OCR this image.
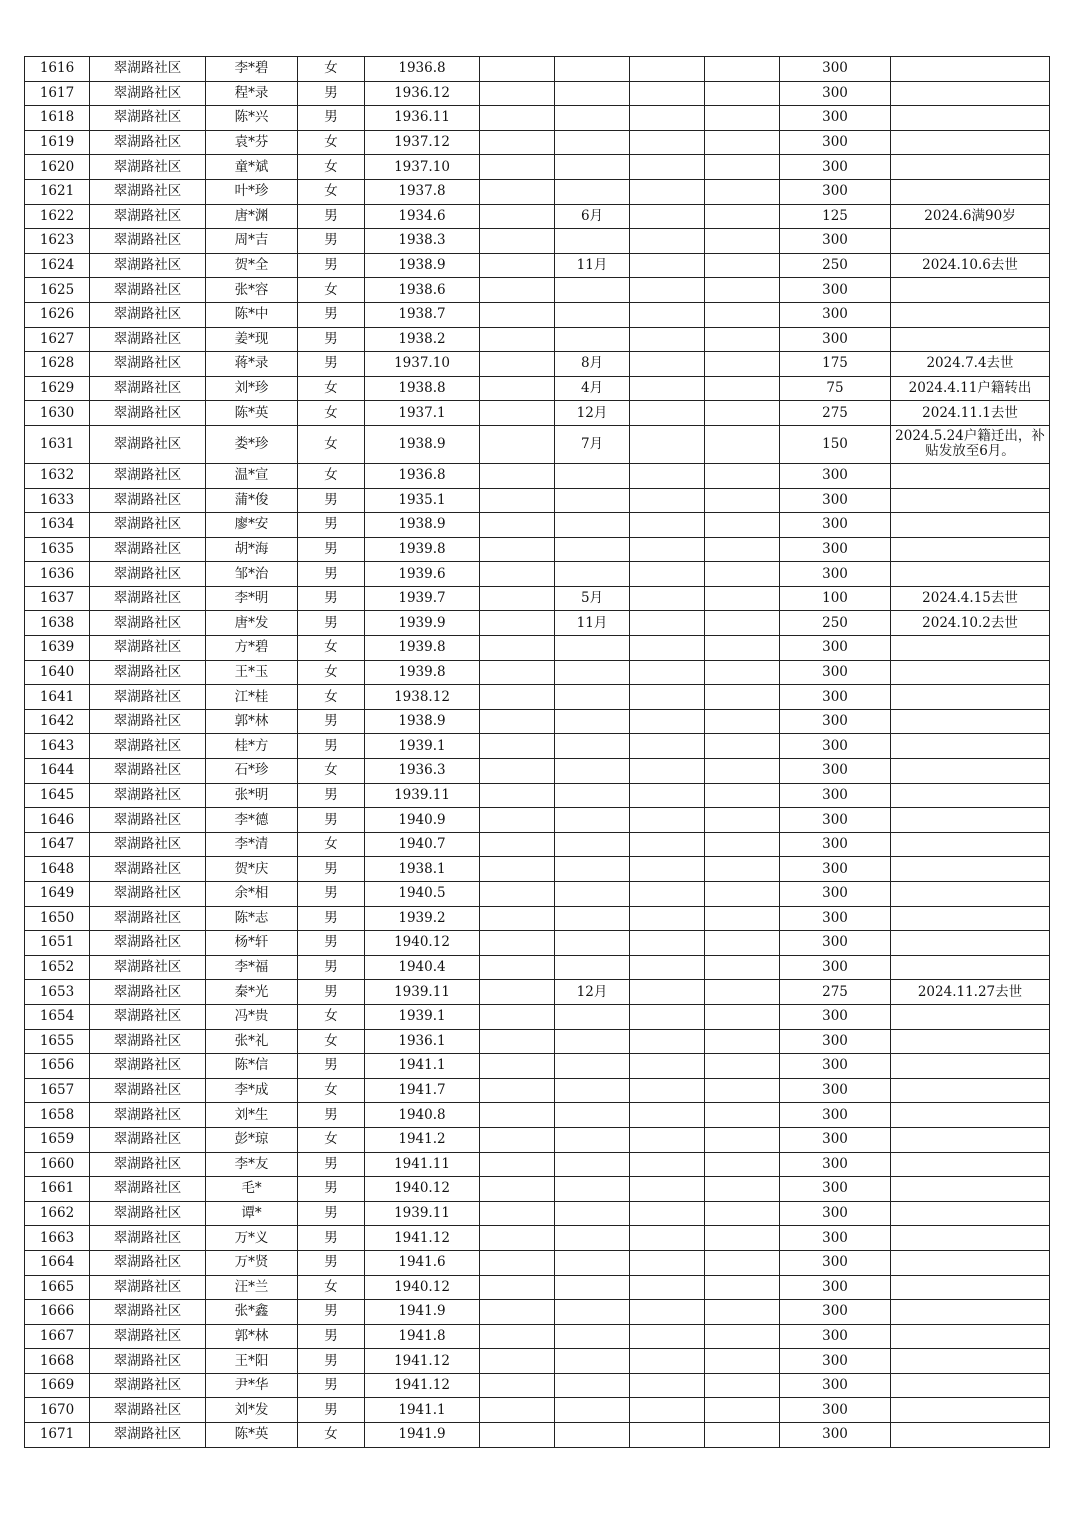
1616	翠湖路社区	李*碧	女	1936.8					300	
1617	翠湖路社区	程*录	男	1936.12					300	
1618	翠湖路社区	陈*兴	男	1936.11					300	
1619	翠湖路社区	袁*芬	女	1937.12					300	
1620	翠湖路社区	童*斌	女	1937.10					300	
1621	翠湖路社区	叶*珍	女	1937.8					300	
1622	翠湖路社区	唐*渊	男	1934.6		6月			125	2024.6满90岁
1623	翠湖路社区	周*吉	男	1938.3					300	
1624	翠湖路社区	贺*全	男	1938.9		11月			250	2024.10.6去世
1625	翠湖路社区	张*容	女	1938.6					300	
1626	翠湖路社区	陈*中	男	1938.7					300	
1627	翠湖路社区	姜*现	男	1938.2					300	
1628	翠湖路社区	蒋*录	男	1937.10		8月			175	2024.7.4去世
1629	翠湖路社区	刘*珍	女	1938.8		4月			75	2024.4.11户籍转出
1630	翠湖路社区	陈*英	女	1937.1		12月			275	2024.11.1去世
1631	翠湖路社区	娄*珍	女	1938.9		7月			150	2024.5.24户籍迁出，补贴发放至6月。
1632	翠湖路社区	温*宣	女	1936.8					300	
1633	翠湖路社区	蒲*俊	男	1935.1					300	
1634	翠湖路社区	廖*安	男	1938.9					300	
1635	翠湖路社区	胡*海	男	1939.8					300	
1636	翠湖路社区	邹*治	男	1939.6					300	
1637	翠湖路社区	李*明	男	1939.7		5月			100	2024.4.15去世
1638	翠湖路社区	唐*发	男	1939.9		11月			250	2024.10.2去世
1639	翠湖路社区	方*碧	女	1939.8					300	
1640	翠湖路社区	王*玉	女	1939.8					300	
1641	翠湖路社区	江*桂	女	1938.12					300	
1642	翠湖路社区	郭*林	男	1938.9					300	
1643	翠湖路社区	桂*方	男	1939.1					300	
1644	翠湖路社区	石*珍	女	1936.3					300	
1645	翠湖路社区	张*明	男	1939.11					300	
1646	翠湖路社区	李*德	男	1940.9					300	
1647	翠湖路社区	李*清	女	1940.7					300	
1648	翠湖路社区	贺*庆	男	1938.1					300	
1649	翠湖路社区	余*相	男	1940.5					300	
1650	翠湖路社区	陈*志	男	1939.2					300	
1651	翠湖路社区	杨*轩	男	1940.12					300	
1652	翠湖路社区	李*福	男	1940.4					300	
1653	翠湖路社区	秦*光	男	1939.11		12月			275	2024.11.27去世
1654	翠湖路社区	冯*贵	女	1939.1					300	
1655	翠湖路社区	张*礼	女	1936.1					300	
1656	翠湖路社区	陈*信	男	1941.1					300	
1657	翠湖路社区	李*成	女	1941.7					300	
1658	翠湖路社区	刘*生	男	1940.8					300	
1659	翠湖路社区	彭*琼	女	1941.2					300	
1660	翠湖路社区	李*友	男	1941.11					300	
1661	翠湖路社区	毛*	男	1940.12					300	
1662	翠湖路社区	谭*	男	1939.11					300	
1663	翠湖路社区	万*义	男	1941.12					300	
1664	翠湖路社区	万*贤	男	1941.6					300	
1665	翠湖路社区	汪*兰	女	1940.12					300	
1666	翠湖路社区	张*鑫	男	1941.9					300	
1667	翠湖路社区	郭*林	男	1941.8					300	
1668	翠湖路社区	王*阳	男	1941.12					300	
1669	翠湖路社区	尹*华	男	1941.12					300	
1670	翠湖路社区	刘*发	男	1941.1					300	
1671	翠湖路社区	陈*英	女	1941.9					300	
